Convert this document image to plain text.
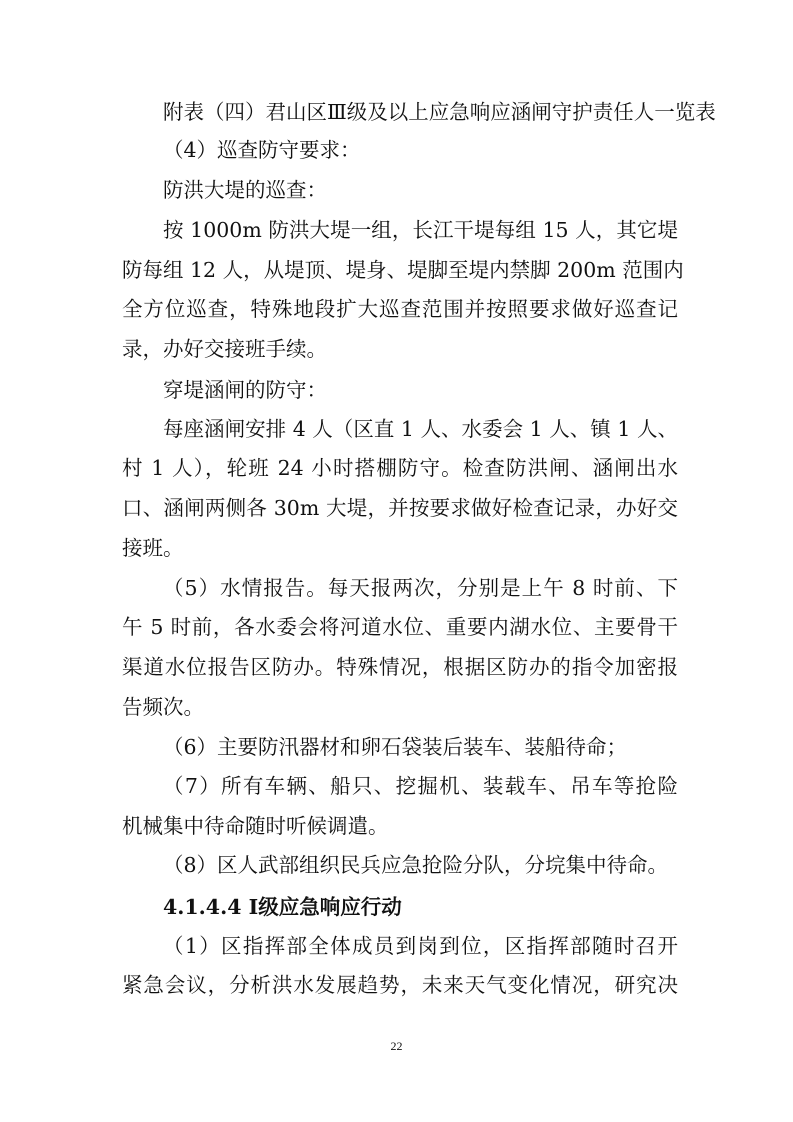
附表（四）君山区Ⅲ级及以上应急响应涵闸守护责任人一览表
（4）巡查防守要求：
防洪大堤的巡查：
按 1000m 防洪大堤一组，长江干堤每组 15 人，其它堤
防每组 12 人，从堤顶、堤身、堤脚至堤内禁脚 200m 范围内
全方位巡查，特殊地段扩大巡查范围并按照要求做好巡查记
录，办好交接班手续。
穿堤涵闸的防守：
每座涵闸安排 4 人（区直 1 人、水委会 1 人、镇 1 人、
村 1 人），轮班 24 小时搭棚防守。检查防洪闸、涵闸出水
口、涵闸两侧各 30m 大堤，并按要求做好检查记录，办好交
接班。
（5）水情报告。每天报两次，分别是上午 8 时前、下
午 5 时前，各水委会将河道水位、重要内湖水位、主要骨干
渠道水位报告区防办。特殊情况，根据区防办的指令加密报
告频次。
（6）主要防汛器材和卵石袋装后装车、装船待命；
（7）所有车辆、船只、挖掘机、装载车、吊车等抢险
机械集中待命随时听候调遣。
（8）区人武部组织民兵应急抢险分队，分垸集中待命。
4.1.4.4 Ⅰ级应急响应行动
（1）区指挥部全体成员到岗到位，区指挥部随时召开
紧急会议，分析洪水发展趋势，未来天气变化情况，研究决
22
